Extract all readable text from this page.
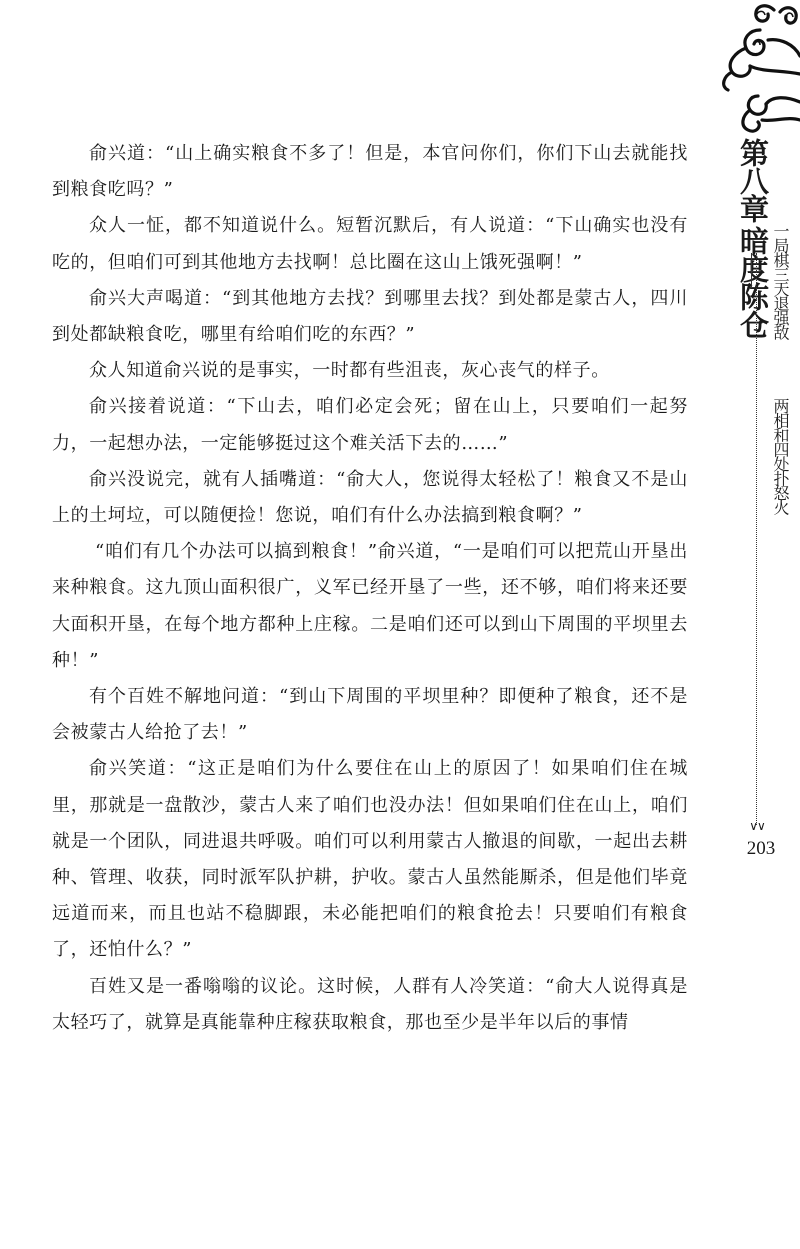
俞兴道：“山上确实粮食不多了！但是，本官问你们，你们下山去就能找到粮食吃吗？”

众人一怔，都不知道说什么。短暂沉默后，有人说道：“下山确实也没有吃的，但咱们可到其他地方去找啊！总比圈在这山上饿死强啊！”

俞兴大声喝道：“到其他地方去找？到哪里去找？到处都是蒙古人，四川到处都缺粮食吃，哪里有给咱们吃的东西？”

众人知道俞兴说的是事实，一时都有些沮丧，灰心丧气的样子。

俞兴接着说道：“下山去，咱们必定会死；留在山上，只要咱们一起努力，一起想办法，一定能够挺过这个难关活下去的……”

俞兴没说完，就有人插嘴道：“俞大人，您说得太轻松了！粮食又不是山上的土坷垃，可以随便捡！您说，咱们有什么办法搞到粮食啊？”

“咱们有几个办法可以搞到粮食！”俞兴道，“一是咱们可以把荒山开垦出来种粮食。这九顶山面积很广，义军已经开垦了一些，还不够，咱们将来还要大面积开垦，在每个地方都种上庄稼。二是咱们还可以到山下周围的平坝里去种！”

有个百姓不解地问道：“到山下周围的平坝里种？即便种了粮食，还不是会被蒙古人给抢了去！”

俞兴笑道：“这正是咱们为什么要住在山上的原因了！如果咱们住在城里，那就是一盘散沙，蒙古人来了咱们也没办法！但如果咱们住在山上，咱们就是一个团队，同进退共呼吸。咱们可以利用蒙古人撤退的间歇，一起出去耕种、管理、收获，同时派军队护耕，护收。蒙古人虽然能厮杀，但是他们毕竟远道而来，而且也站不稳脚跟，未必能把咱们的粮食抢去！只要咱们有粮食了，还怕什么？”

百姓又是一番嗡嗡的议论。这时候，人群有人冷笑道：“俞大人说得真是太轻巧了，就算是真能靠种庄稼获取粮食，那也至少是半年以后的事情

第八章
暗度陈仓 一局棋三天退强敌
两相和四处扑怒火
∨∨
203
